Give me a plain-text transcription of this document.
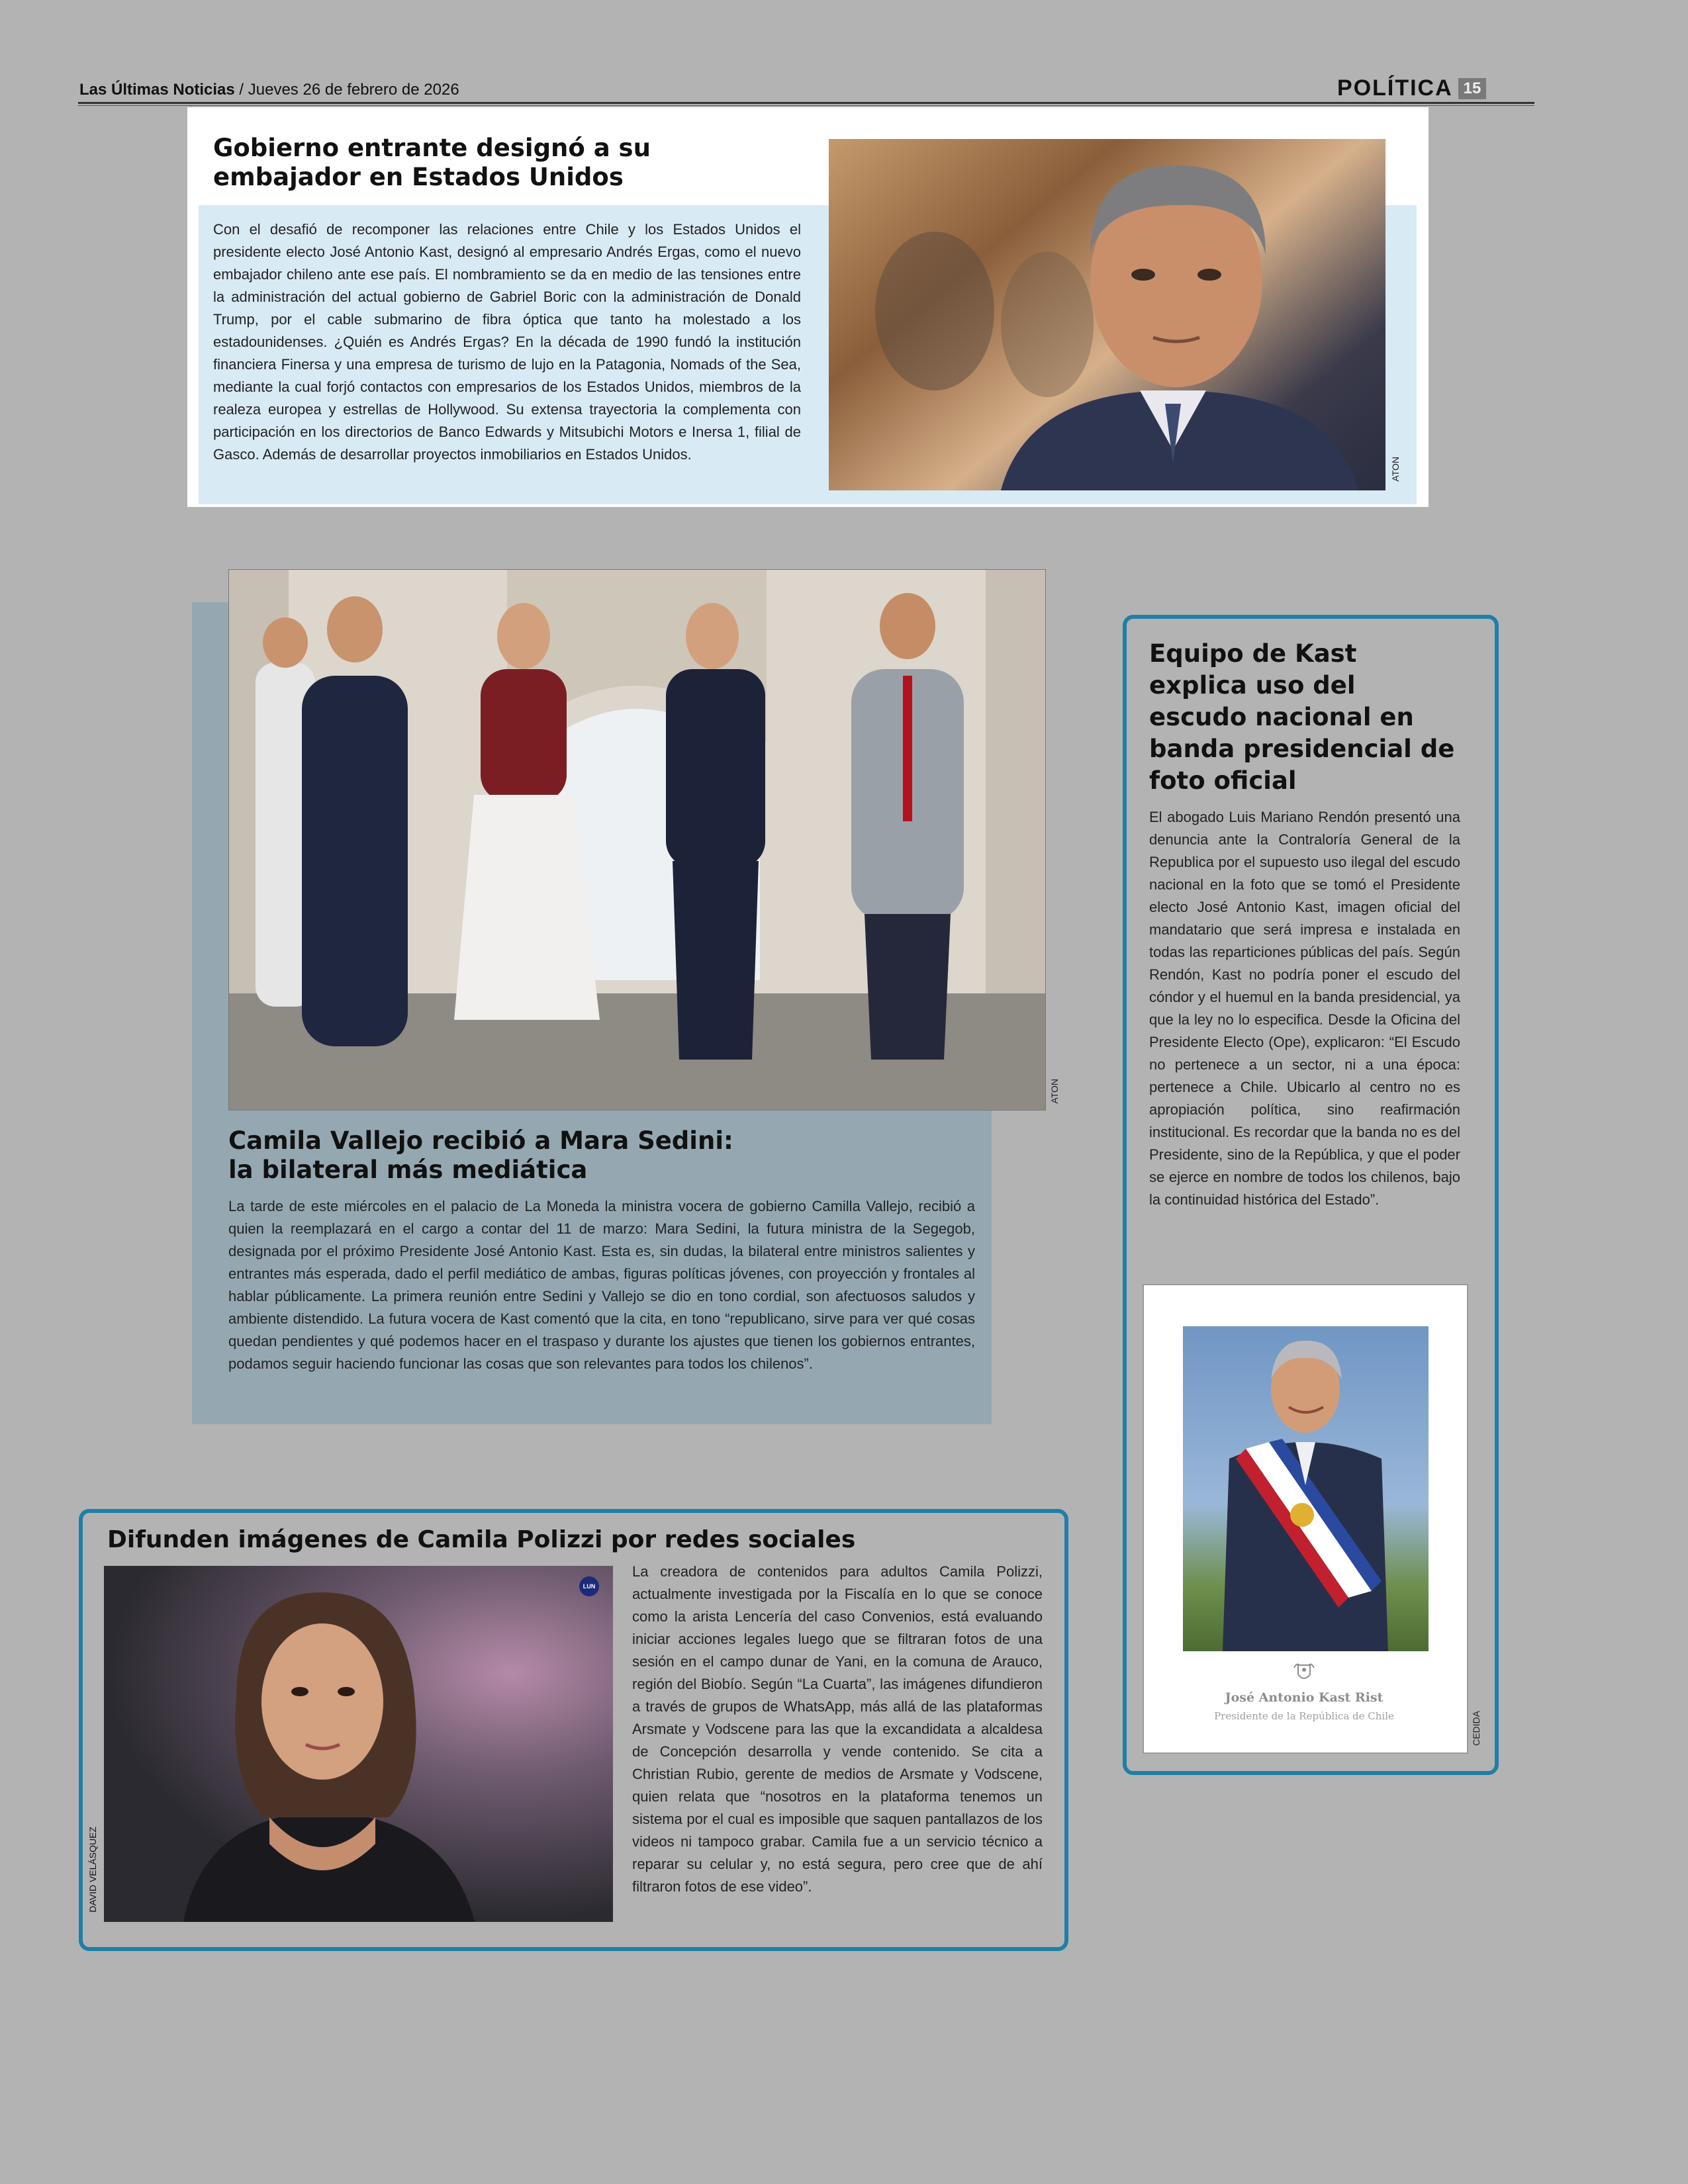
Las Últimas Noticias / Jueves 26 de febrero de 2026	POLÍTICA 15
Gobierno entrante designó a su
embajador en Estados Unidos
Con el desafió de recomponer las relaciones entre Chile y los Estados Unidos el presidente electo José Antonio Kast, designó al empresario Andrés Ergas, como el nuevo embajador chileno ante ese país. El nombramiento se da en medio de las tensiones entre la administración del actual gobierno de Gabriel Boric con la administración de Donald Trump, por el cable submarino de fibra óptica que tanto ha molestado a los estadounidenses. ¿Quién es Andrés Ergas? En la década de 1990 fundó la institución financiera Finersa y una empresa de turismo de lujo en la Patagonia, Nomads of the Sea, mediante la cual forjó contactos con empresarios de los Estados Unidos, miembros de la realeza europea y estrellas de Hollywood. Su extensa trayectoria la complementa con participación en los directorios de Banco Edwards y Mitsubichi Motors e Inersa 1, filial de Gasco. Además de desarrollar proyectos inmobiliarios en Estados Unidos.
ATON
ATON
Camila Vallejo recibió a Mara Sedini:
la bilateral más mediática
La tarde de este miércoles en el palacio de La Moneda la ministra vocera de gobierno Camilla Vallejo, recibió a quien la reemplazará en el cargo a contar del 11 de marzo: Mara Sedini, la futura ministra de la Segegob, designada por el próximo Presidente José Antonio Kast. Esta es, sin dudas, la bilateral entre ministros salientes y entrantes más esperada, dado el perfil mediático de ambas, figuras políticas jóvenes, con proyección y frontales al hablar públicamente. La primera reunión entre Sedini y Vallejo se dio en tono cordial, son afectuosos saludos y ambiente distendido. La futura vocera de Kast comentó que la cita, en tono “republicano, sirve para ver qué cosas quedan pendientes y qué podemos hacer en el traspaso y durante los ajustes que tienen los gobiernos entrantes, podamos seguir haciendo funcionar las cosas que son relevantes para todos los chilenos”.
Equipo de Kast
explica uso del
escudo nacional en
banda presidencial de
foto oficial
El abogado Luis Mariano Rendón presentó una denuncia ante la Contraloría General de la Republica por el supuesto uso ilegal del escudo nacional en la foto que se tomó el Presidente electo José Antonio Kast, imagen oficial del mandatario que será impresa e instalada en todas las reparticiones públicas del país. Según Rendón, Kast no podría poner el escudo del cóndor y el huemul en la banda presidencial, ya que la ley no lo especifica. Desde la Oficina del Presidente Electo (Ope), explicaron: “El Escudo no pertenece a un sector, ni a una época: pertenece a Chile. Ubicarlo al centro no es apropiación política, sino reafirmación institucional. Es recordar que la banda no es del Presidente, sino de la República, y que el poder se ejerce en nombre de todos los chilenos, bajo la continuidad histórica del Estado”.
José Antonio Kast Rist
Presidente de la República de Chile	CEDIDA
Difunden imágenes de Camila Polizzi por redes sociales
LUN
DAVID VELÁSQUEZ
La creadora de contenidos para adultos Camila Polizzi, actualmente investigada por la Fiscalía en lo que se conoce como la arista Lencería del caso Convenios, está evaluando iniciar acciones legales luego que se filtraran fotos de una sesión en el campo dunar de Yani, en la comuna de Arauco, región del Biobío. Según “La Cuarta”, las imágenes difundieron a través de grupos de WhatsApp, más allá de las plataformas Arsmate y Vodscene para las que la excandidata a alcaldesa de Concepción desarrolla y vende contenido. Se cita a Christian Rubio, gerente de medios de Arsmate y Vodscene, quien relata que “nosotros en la plataforma tenemos un sistema por el cual es imposible que saquen pantallazos de los videos ni tampoco grabar. Camila fue a un servicio técnico a reparar su celular y, no está segura, pero cree que de ahí filtraron fotos de ese video”.
